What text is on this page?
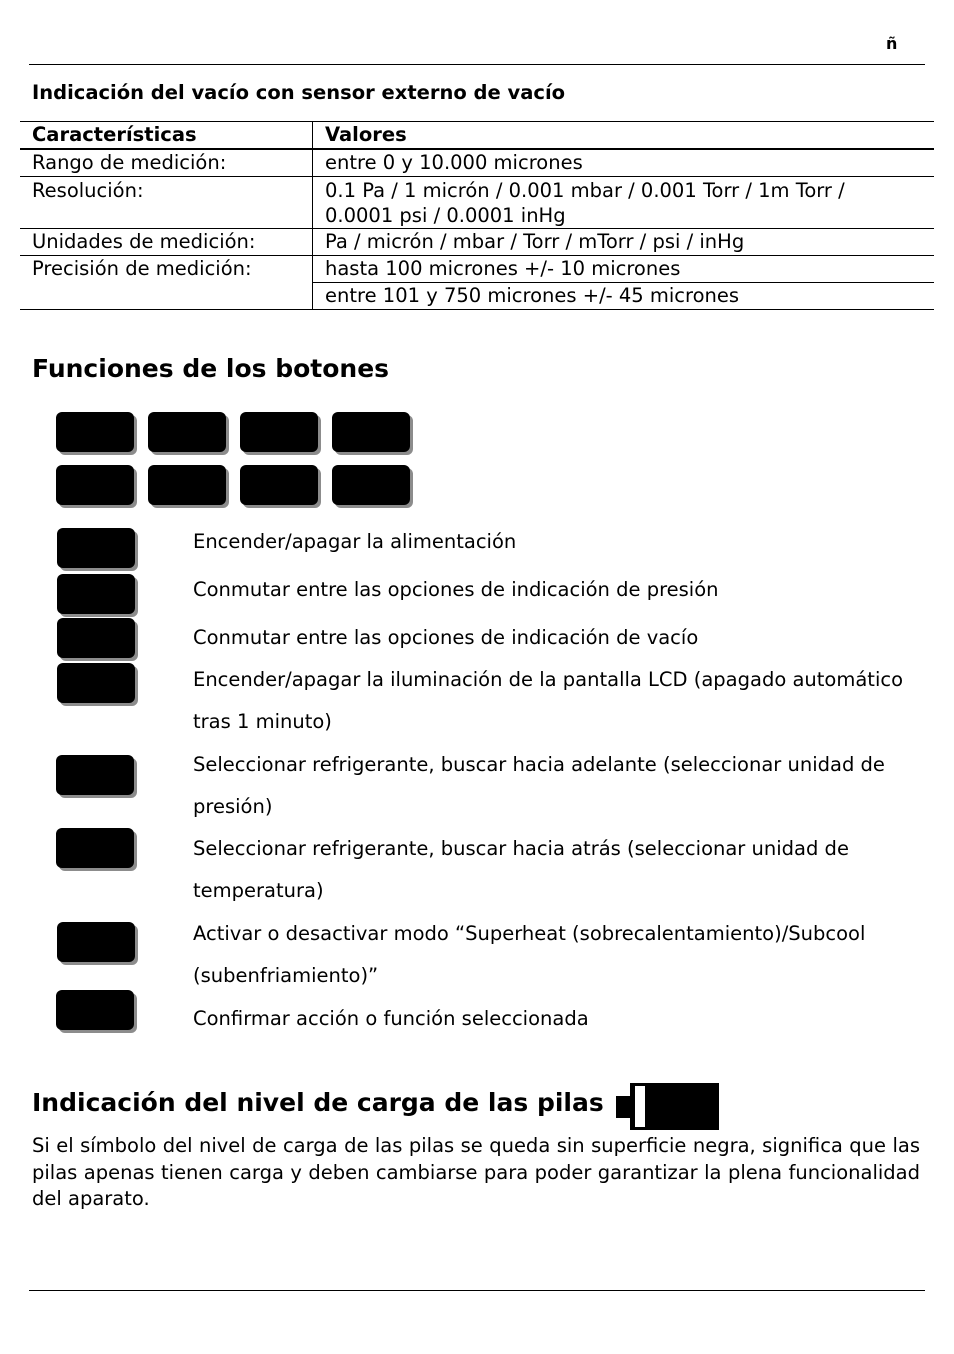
ñ
Indicación del vacío con sensor externo de vacío
Características	Valores
Rango de medición:	entre 0 y 10.000 micrones
Resolución:	0.1 Pa / 1 micrón / 0.001 mbar / 0.001 Torr / 1m Torr / 0.0001 psi / 0.0001 inHg
Unidades de medición:	Pa / micrón / mbar / Torr / mTorr / psi / inHg
Precisión de medición:	hasta 100 micrones +/- 10 micrones
	entre 101 y 750 micrones +/- 45 micrones
Funciones de los botones
Encender/apagar la alimentación
Conmutar entre las opciones de indicación de presión
Conmutar entre las opciones de indicación de vacío
Encender/apagar la iluminación de la pantalla LCD (apagado automático tras 1 minuto)
Seleccionar refrigerante, buscar hacia adelante (seleccionar unidad de presión)
Seleccionar refrigerante, buscar hacia atrás (seleccionar unidad de temperatura)
Activar o desactivar modo “Superheat (sobrecalentamiento)/Subcool (subenfriamiento)”
Confirmar acción o función seleccionada
Indicación del nivel de carga de las pilas
Si el símbolo del nivel de carga de las pilas se queda sin superficie negra, significa que las pilas apenas tienen carga y deben cambiarse para poder garantizar la plena funcionalidad del aparato.
